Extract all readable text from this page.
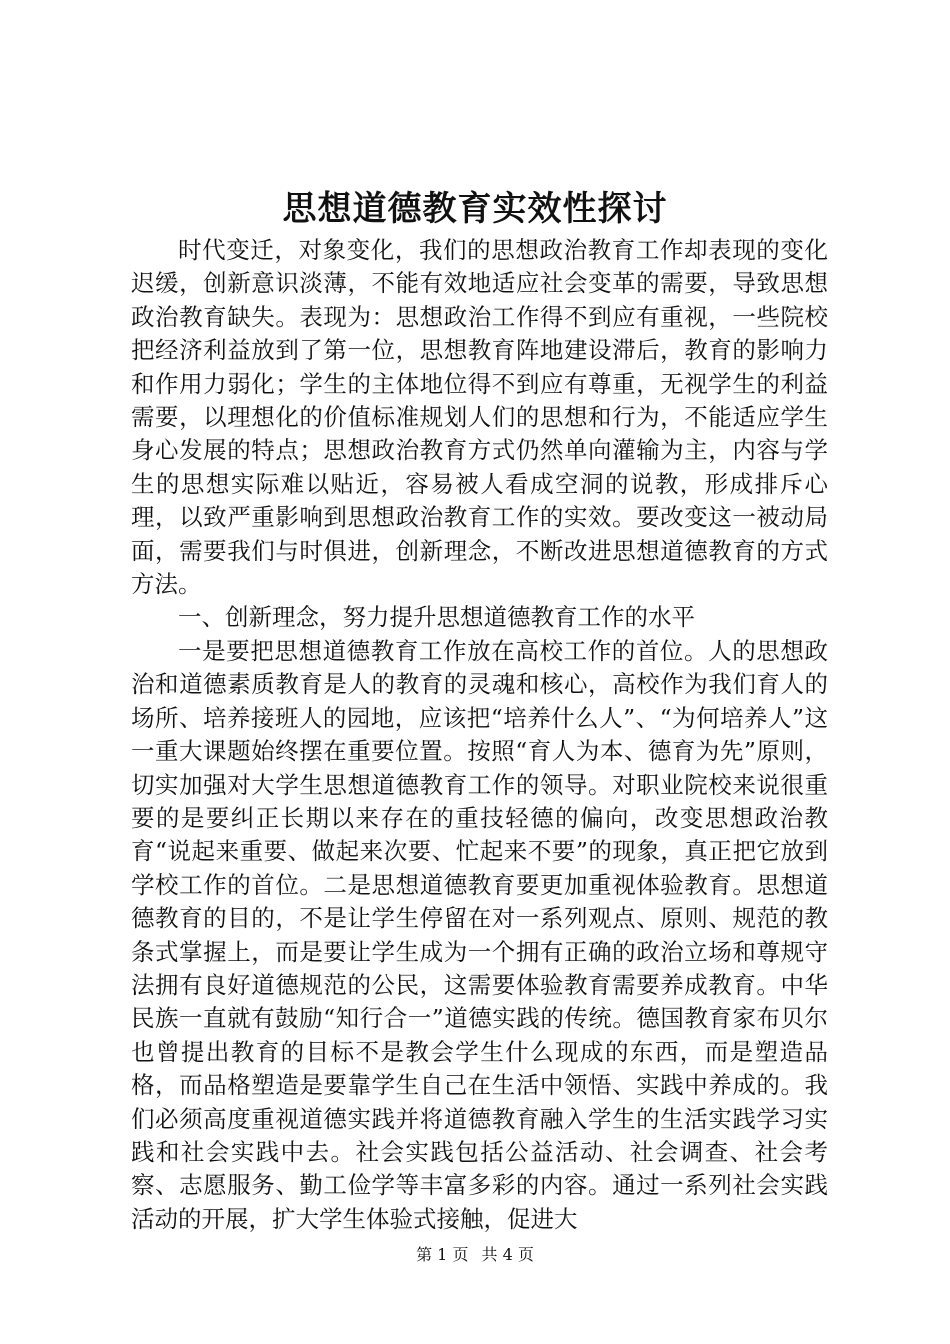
思想道德教育实效性探讨

时代变迁，对象变化，我们的思想政治教育工作却表现的变化迟缓，创新意识淡薄，不能有效地适应社会变革的需要，导致思想政治教育缺失。表现为：思想政治工作得不到应有重视，一些院校把经济利益放到了第一位，思想教育阵地建设滞后，教育的影响力和作用力弱化；学生的主体地位得不到应有尊重，无视学生的利益需要，以理想化的价值标准规划人们的思想和行为，不能适应学生身心发展的特点；思想政治教育方式仍然单向灌输为主，内容与学生的思想实际难以贴近，容易被人看成空洞的说教，形成排斥心理，以致严重影响到思想政治教育工作的实效。要改变这一被动局面，需要我们与时俱进，创新理念，不断改进思想道德教育的方式方法。

一、创新理念，努力提升思想道德教育工作的水平

一是要把思想道德教育工作放在高校工作的首位。人的思想政治和道德素质教育是人的教育的灵魂和核心，高校作为我们育人的场所、培养接班人的园地，应该把“培养什么人”、“为何培养人”这一重大课题始终摆在重要位置。按照“育人为本、德育为先”原则，切实加强对大学生思想道德教育工作的领导。对职业院校来说很重要的是要纠正长期以来存在的重技轻德的偏向，改变思想政治教育“说起来重要、做起来次要、忙起来不要”的现象，真正把它放到学校工作的首位。二是思想道德教育要更加重视体验教育。思想道德教育的目的，不是让学生停留在对一系列观点、原则、规范的教条式掌握上，而是要让学生成为一个拥有正确的政治立场和尊规守法拥有良好道德规范的公民，这需要体验教育需要养成教育。中华民族一直就有鼓励“知行合一”道德实践的传统。德国教育家布贝尔也曾提出教育的目标不是教会学生什么现成的东西，而是塑造品格，而品格塑造是要靠学生自己在生活中领悟、实践中养成的。我们必须高度重视道德实践并将道德教育融入学生的生活实践学习实践和社会实践中去。社会实践包括公益活动、社会调查、社会考察、志愿服务、勤工俭学等丰富多彩的内容。通过一系列社会实践活动的开展，扩大学生体验式接触，促进大

第 1 页 共 4 页
